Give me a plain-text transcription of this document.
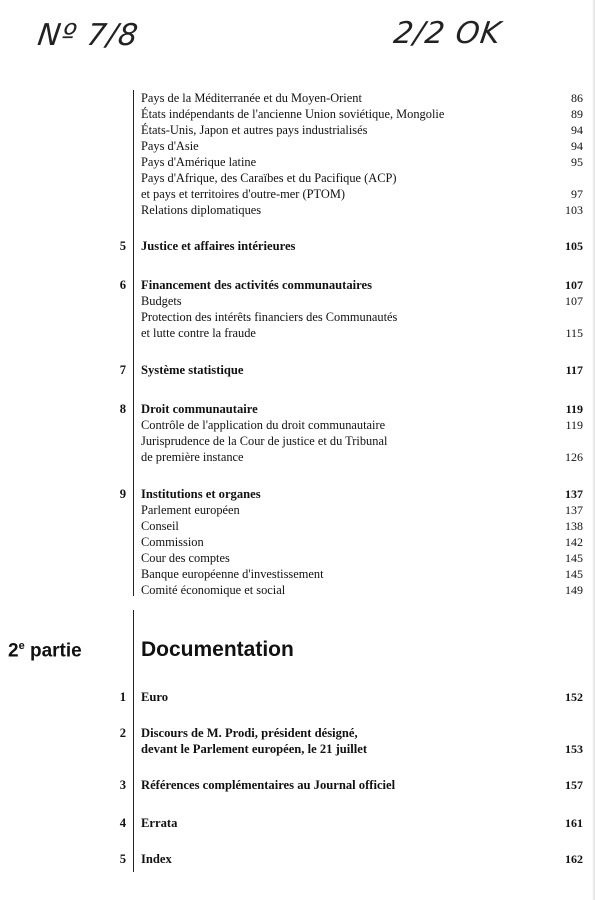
Nº 7/8	2/2 OK
Pays de la Méditerranée et du Moyen-Orient	86
États indépendants de l'ancienne Union soviétique, Mongolie	89
États-Unis, Japon et autres pays industrialisés	94
Pays d'Asie	94
Pays d'Amérique latine	95
Pays d'Afrique, des Caraïbes et du Pacifique (ACP)
et pays et territoires d'outre-mer (PTOM)	97
Relations diplomatiques	103
5 Justice et affaires intérieures	105
6 Financement des activités communautaires	107
Budgets	107
Protection des intérêts financiers des Communautés
et lutte contre la fraude	115
7 Système statistique	117
8 Droit communautaire	119
Contrôle de l'application du droit communautaire	119
Jurisprudence de la Cour de justice et du Tribunal
de première instance	126
9 Institutions et organes	137
Parlement européen	137
Conseil	138
Commission	142
Cour des comptes	145
Banque européenne d'investissement	145
Comité économique et social	149
2e partie	Documentation
1 Euro	152
2 Discours de M. Prodi, président désigné,
devant le Parlement européen, le 21 juillet	153
3 Références complémentaires au Journal officiel	157
4 Errata	161
5 Index	162
